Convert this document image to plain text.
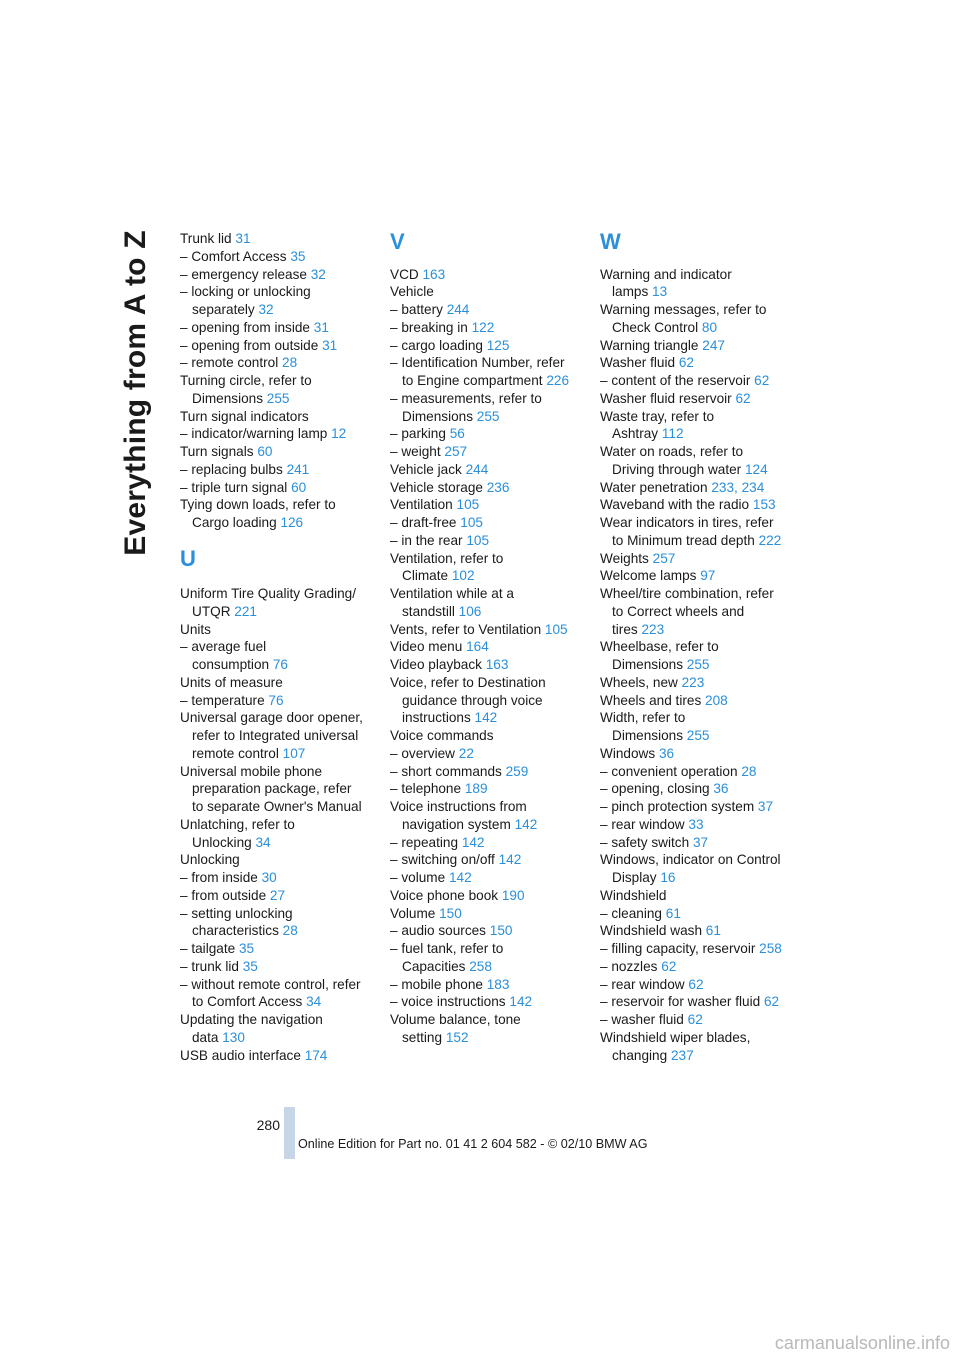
Everything from A to Z Trunk lid 31
– Comfort Access 35
– emergency release 32
– locking or unlocking
separately 32
– opening from inside 31
– opening from outside 31
– remote control 28
Turning circle, refer to
Dimensions 255
Turn signal indicators
– indicator/warning lamp 12
Turn signals 60
– replacing bulbs 241
– triple turn signal 60
Tying down loads, refer to
Cargo loading 126
U
Uniform Tire Quality Grading/
UTQR 221
Units
– average fuel
consumption 76
Units of measure
– temperature 76
Universal garage door opener,
refer to Integrated universal
remote control 107
Universal mobile phone
preparation package, refer
to separate Owner's Manual
Unlatching, refer to
Unlocking 34
Unlocking
– from inside 30
– from outside 27
– setting unlocking
characteristics 28
– tailgate 35
– trunk lid 35
– without remote control, refer
to Comfort Access 34
Updating the navigation
data 130
USB audio interface 174
V
VCD 163
Vehicle
– battery 244
– breaking in 122
– cargo loading 125
– Identification Number, refer
to Engine compartment 226
– measurements, refer to
Dimensions 255
– parking 56
– weight 257
Vehicle jack 244
Vehicle storage 236
Ventilation 105
– draft-free 105
– in the rear 105
Ventilation, refer to
Climate 102
Ventilation while at a
standstill 106
Vents, refer to Ventilation 105
Video menu 164
Video playback 163
Voice, refer to Destination
guidance through voice
instructions 142
Voice commands
– overview 22
– short commands 259
– telephone 189
Voice instructions from
navigation system 142
– repeating 142
– switching on/off 142
– volume 142
Voice phone book 190
Volume 150
– audio sources 150
– fuel tank, refer to
Capacities 258
– mobile phone 183
– voice instructions 142
Volume balance, tone
setting 152
W
Warning and indicator
lamps 13
Warning messages, refer to
Check Control 80
Warning triangle 247
Washer fluid 62
– content of the reservoir 62
Washer fluid reservoir 62
Waste tray, refer to
Ashtray 112
Water on roads, refer to
Driving through water 124
Water penetration 233, 234
Waveband with the radio 153
Wear indicators in tires, refer
to Minimum tread depth 222
Weights 257
Welcome lamps 97
Wheel/tire combination, refer
to Correct wheels and
tires 223
Wheelbase, refer to
Dimensions 255
Wheels, new 223
Wheels and tires 208
Width, refer to
Dimensions 255
Windows 36
– convenient operation 28
– opening, closing 36
– pinch protection system 37
– rear window 33
– safety switch 37
Windows, indicator on Control
Display 16
Windshield
– cleaning 61
Windshield wash 61
– filling capacity, reservoir 258
– nozzles 62
– rear window 62
– reservoir for washer fluid 62
– washer fluid 62
Windshield wiper blades,
changing 237
280
Online Edition for Part no. 01 41 2 604 582 - © 02/10 BMW AG
carmanualsonline.info
